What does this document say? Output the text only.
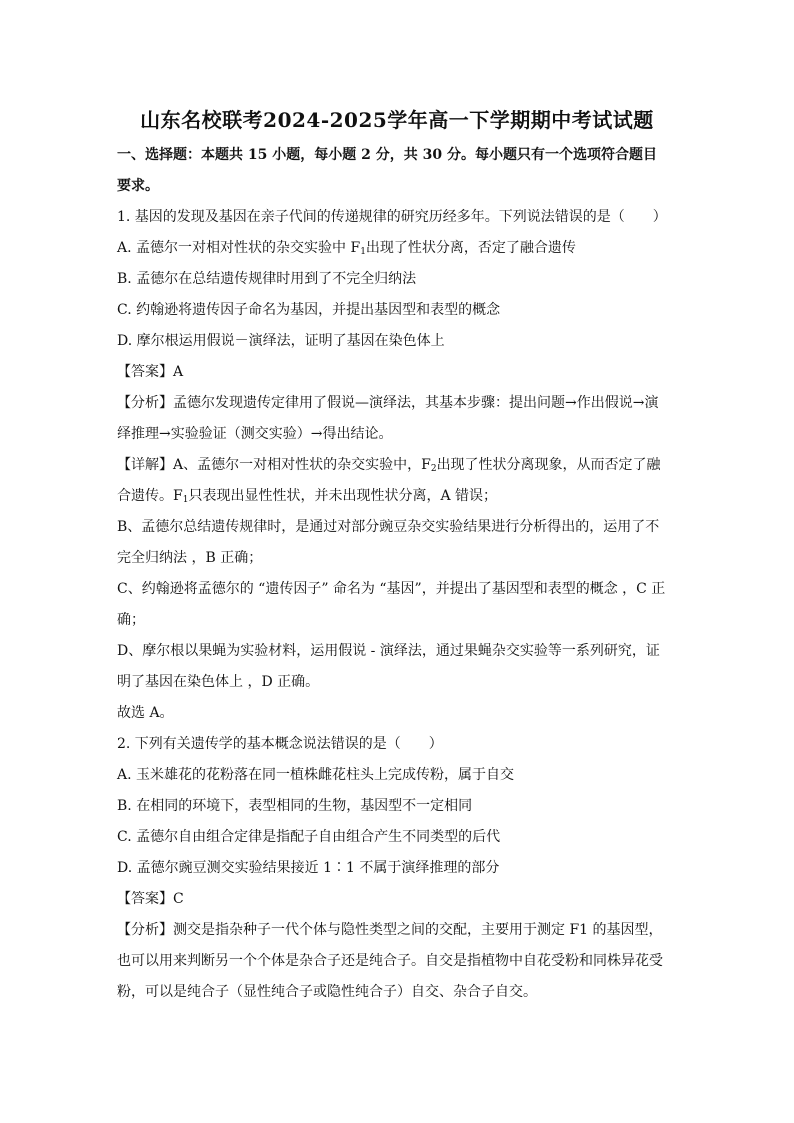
山东名校联考2024-2025学年高一下学期期中考试试题
一、选择题：本题共 15 小题，每小题 2 分，共 30 分。每小题只有一个选项符合题目
要求。
1. 基因的发现及基因在亲子代间的传递规律的研究历经多年。下列说法错误的是（　　）
A. 孟德尔一对相对性状的杂交实验中 $F_1$出现了性状分离，否定了融合遗传
B. 孟德尔在总结遗传规律时用到了不完全归纳法
C. 约翰逊将遗传因子命名为基因，并提出基因型和表型的概念
D. 摩尔根运用假说－演绎法，证明了基因在染色体上
【答案】A
【分析】孟德尔发现遗传定律用了假说—演绎法，其基本步骤：提出问题→作出假说→演
绎推理→实验验证（测交实验）→得出结论。
【详解】A、孟德尔一对相对性状的杂交实验中，$F_2$出现了性状分离现象，从而否定了融
合遗传。$F_1$只表现出显性性状，并未出现性状分离，A 错误；
B、孟德尔总结遗传规律时，是通过对部分豌豆杂交实验结果进行分析得出的，运用了不
完全归纳法 ，B 正确；
C、约翰逊将孟德尔的 “遗传因子” 命名为 “基因”，并提出了基因型和表型的概念 ，C 正
确；
D、摩尔根以果蝇为实验材料，运用假说 - 演绎法，通过果蝇杂交实验等一系列研究，证
明了基因在染色体上 ，D 正确。
故选 A。
2. 下列有关遗传学的基本概念说法错误的是（　　）
A. 玉米雄花的花粉落在同一植株雌花柱头上完成传粉，属于自交
B. 在相同的环境下，表型相同的生物，基因型不一定相同
C. 孟德尔自由组合定律是指配子自由组合产生不同类型的后代
D. 孟德尔豌豆测交实验结果接近 1∶1 不属于演绎推理的部分
【答案】C
【分析】测交是指杂种子一代个体与隐性类型之间的交配，主要用于测定 F1 的基因型，
也可以用来判断另一个个体是杂合子还是纯合子。自交是指植物中自花受粉和同株异花受
粉，可以是纯合子（显性纯合子或隐性纯合子）自交、杂合子自交。
